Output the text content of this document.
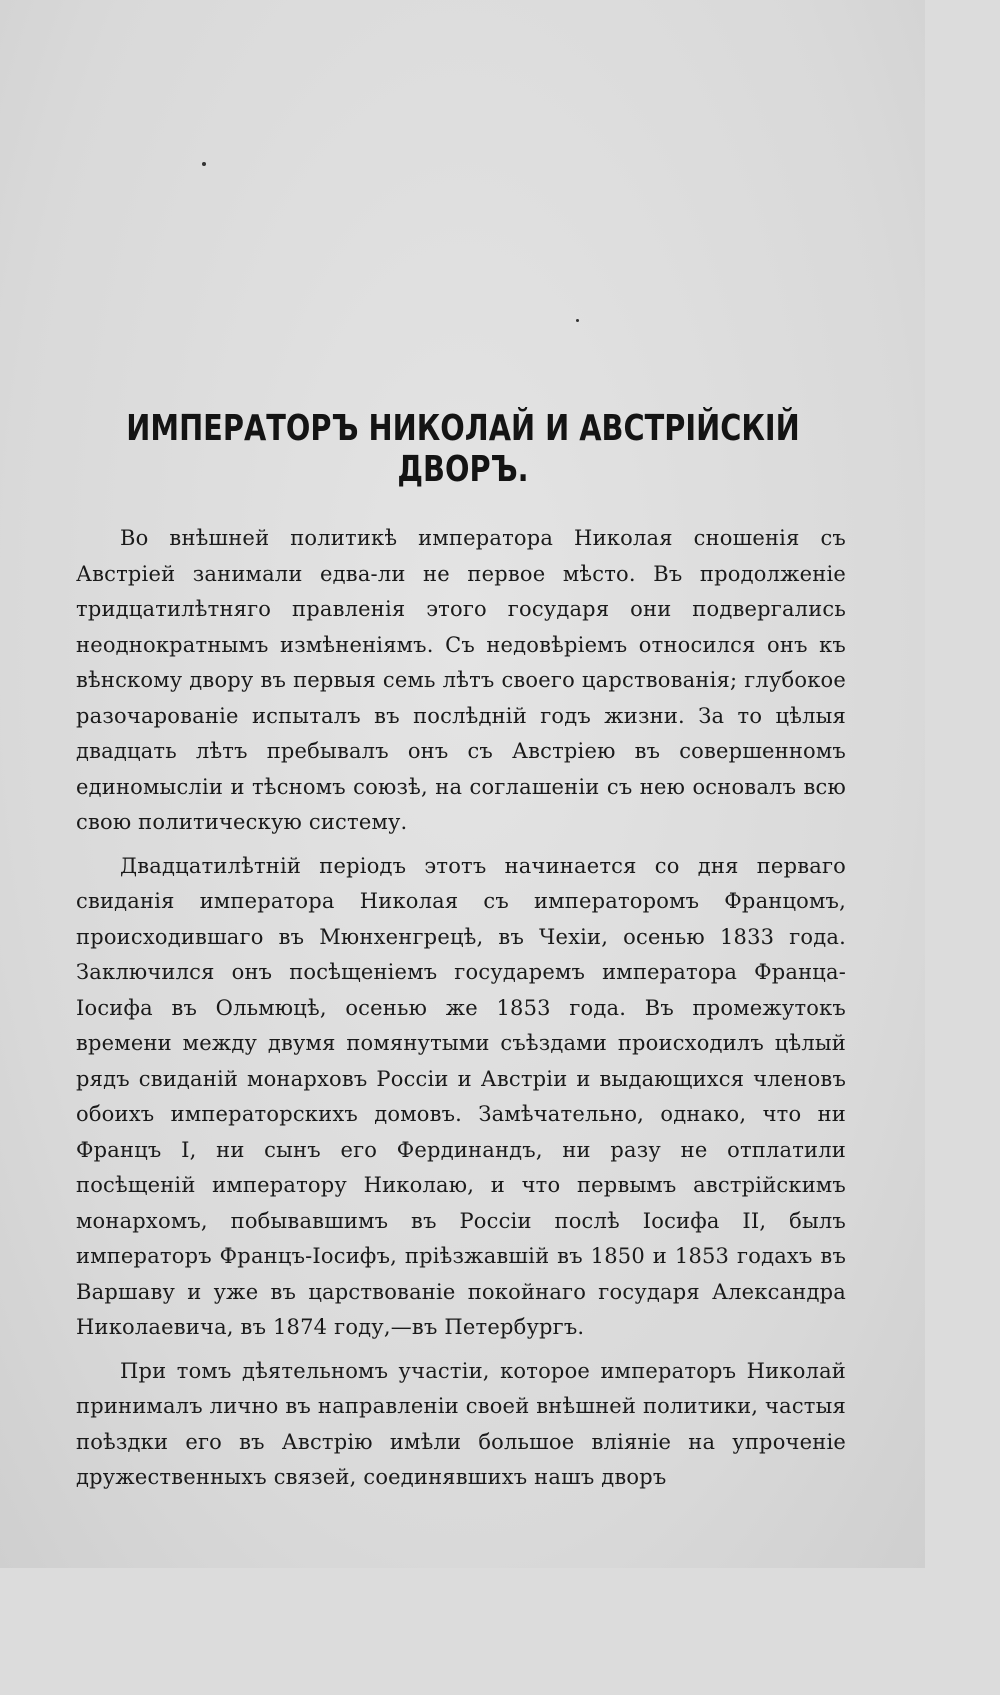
ИМПЕРАТОРЪ НИКОЛАЙ И АВСТРІЙСКІЙ ДВОРЪ.

Во внѣшней политикѣ императора Николая сношенія съ Австріей занимали едва-ли не первое мѣсто. Въ продолженіе тридцатилѣтняго правленія этого государя они подвергались неоднократнымъ измѣненіямъ. Съ недовѣріемъ относился онъ къ вѣнскому двору въ первыя семь лѣтъ своего царствованія; глубокое разочарованіе испыталъ въ послѣдній годъ жизни. За то цѣлыя двадцать лѣтъ пребывалъ онъ съ Австріею въ совершенномъ единомысліи и тѣсномъ союзѣ, на соглашеніи съ нею основалъ всю свою политическую систему.

Двадцатилѣтній періодъ этотъ начинается со дня перваго свиданія императора Николая съ императоромъ Францомъ, происходившаго въ Мюнхенгрецѣ, въ Чехіи, осенью 1833 года. Заключился онъ посѣщеніемъ государемъ императора Франца-Іосифа въ Ольмюцѣ, осенью же 1853 года. Въ промежутокъ времени между двумя помянутыми съѣздами происходилъ цѣлый рядъ свиданій монарховъ Россіи и Австріи и выдающихся членовъ обоихъ императорскихъ домовъ. Замѣчательно, однако, что ни Францъ I, ни сынъ его Фердинандъ, ни разу не отплатили посѣщеній императору Николаю, и что первымъ австрійскимъ монархомъ, побывавшимъ въ Россіи послѣ Іосифа II, былъ императоръ Францъ-Іосифъ, пріѣзжавшій въ 1850 и 1853 годахъ въ Варшаву и уже въ царствованіе покойнаго государя Александра Николаевича, въ 1874 году,—въ Петербургъ.

При томъ дѣятельномъ участіи, которое императоръ Николай принималъ лично въ направленіи своей внѣшней политики, частыя поѣздки его въ Австрію имѣли большое вліяніе на упроченіе дружественныхъ связей, соединявшихъ нашъ дворъ
